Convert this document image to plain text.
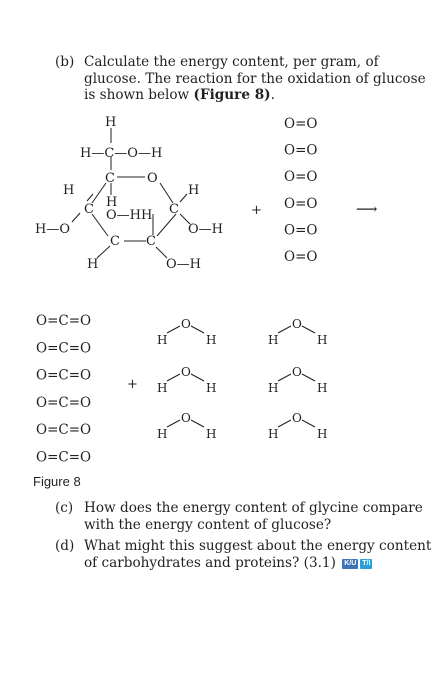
(b) Calculate the energy content, per gram, of
glucose. The reaction for the oxidation of glucose
is shown below (Figure 8).
H
H—C—O—H
C O
H	H
C H
O—HH C
H—O	O—H
C C
H	O—H
+
O=O
O=O
O=O
O=O
O=O
O=O
⟶
O=C=O
O=C=O
O=C=O
O=C=O
O=C=O
O=C=O
+
H
O
H	H
O
H
H
O
H	H
O
H
H
O
H	H
O
H
Figure 8
(c) How does the energy content of glycine compare
with the energy content of glucose?
(d) What might this suggest about the energy content
of carbohydrates and proteins? (3.1) K/U T/I
